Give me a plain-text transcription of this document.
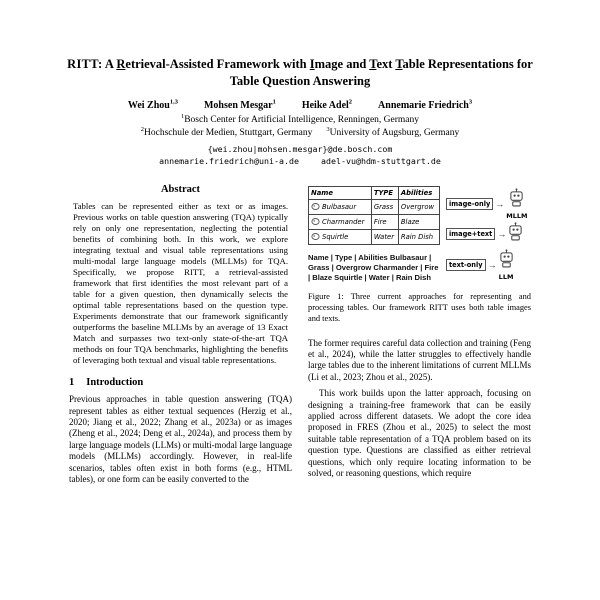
RITT: A Retrieval-Assisted Framework with Image and Text Table Representations for Table Question Answering
Wei Zhou$^{1,3}$	Mohsen Mesgar$^1$	Heike Adel$^2$	Annemarie Friedrich$^3$
$^1$Bosch Center for Artificial Intelligence, Renningen, Germany
$^2$Hochschule der Medien, Stuttgart, Germany $^3$University of Augsburg, Germany
{wei.zhou|mohsen.mesgar}@de.bosch.com
annemarie.friedrich@uni-a.de	adel-vu@hdm-stuttgart.de
Abstract

Tables can be represented either as text or as images. Previous works on table question answering (TQA) typically rely on only one representation, neglecting the potential benefits of combining both. In this work, we explore integrating textual and visual table representations using multi-modal large language models (MLLMs) for TQA. Specifically, we propose RITT, a retrieval-assisted framework that first identifies the most relevant part of a table for a given question, then dynamically selects the optimal table representations based on the question type. Experiments demonstrate that our framework significantly outperforms the baseline MLLMs by an average of 13 Exact Match and surpasses two text-only state-of-the-art TQA methods on four TQA benchmarks, highlighting the benefits of leveraging both textual and visual table representations.

1 Introduction

Previous approaches in table question answering (TQA) represent tables as either textual sequences (Herzig et al., 2020; Jiang et al., 2022; Zhang et al., 2023a) or as images (Zheng et al., 2024; Deng et al., 2024a), and process them by large language models (LLMs) or multi-modal large language models (MLLMs) accordingly. However, in real-life scenarios, tables often exist in both forms (e.g., HTML tables), or one form can be easily converted to the

Name	TYPE	Abilities

Bulbasaur	Grass	Overgrow

Charmander	Fire	Blaze

Squirtle	Water	Rain Dish
Name | Type | Abilities Bulbasaur | Grass | Overgrow Charmander | Fire | Blaze Squirtle | Water | Rain Dish
image-only →
MLLM
image+text →
text-only →
LLM

Figure 1: Three current approaches for representing and processing tables. Our framework RITT uses both table images and texts.

The former requires careful data collection and training (Feng et al., 2024), while the latter struggles to effectively handle large tables due to the inherent limitations of current MLLMs (Li et al., 2023; Zhou et al., 2025).

This work builds upon the latter approach, focusing on designing a training-free framework that can be easily applied across different datasets. We adopt the core idea proposed in FRES (Zhou et al., 2025) to select the most suitable table representation of a TQA problem based on its question type. Questions are classified as either retrieval questions, which only require locating information to be solved, or reasoning questions, which require
